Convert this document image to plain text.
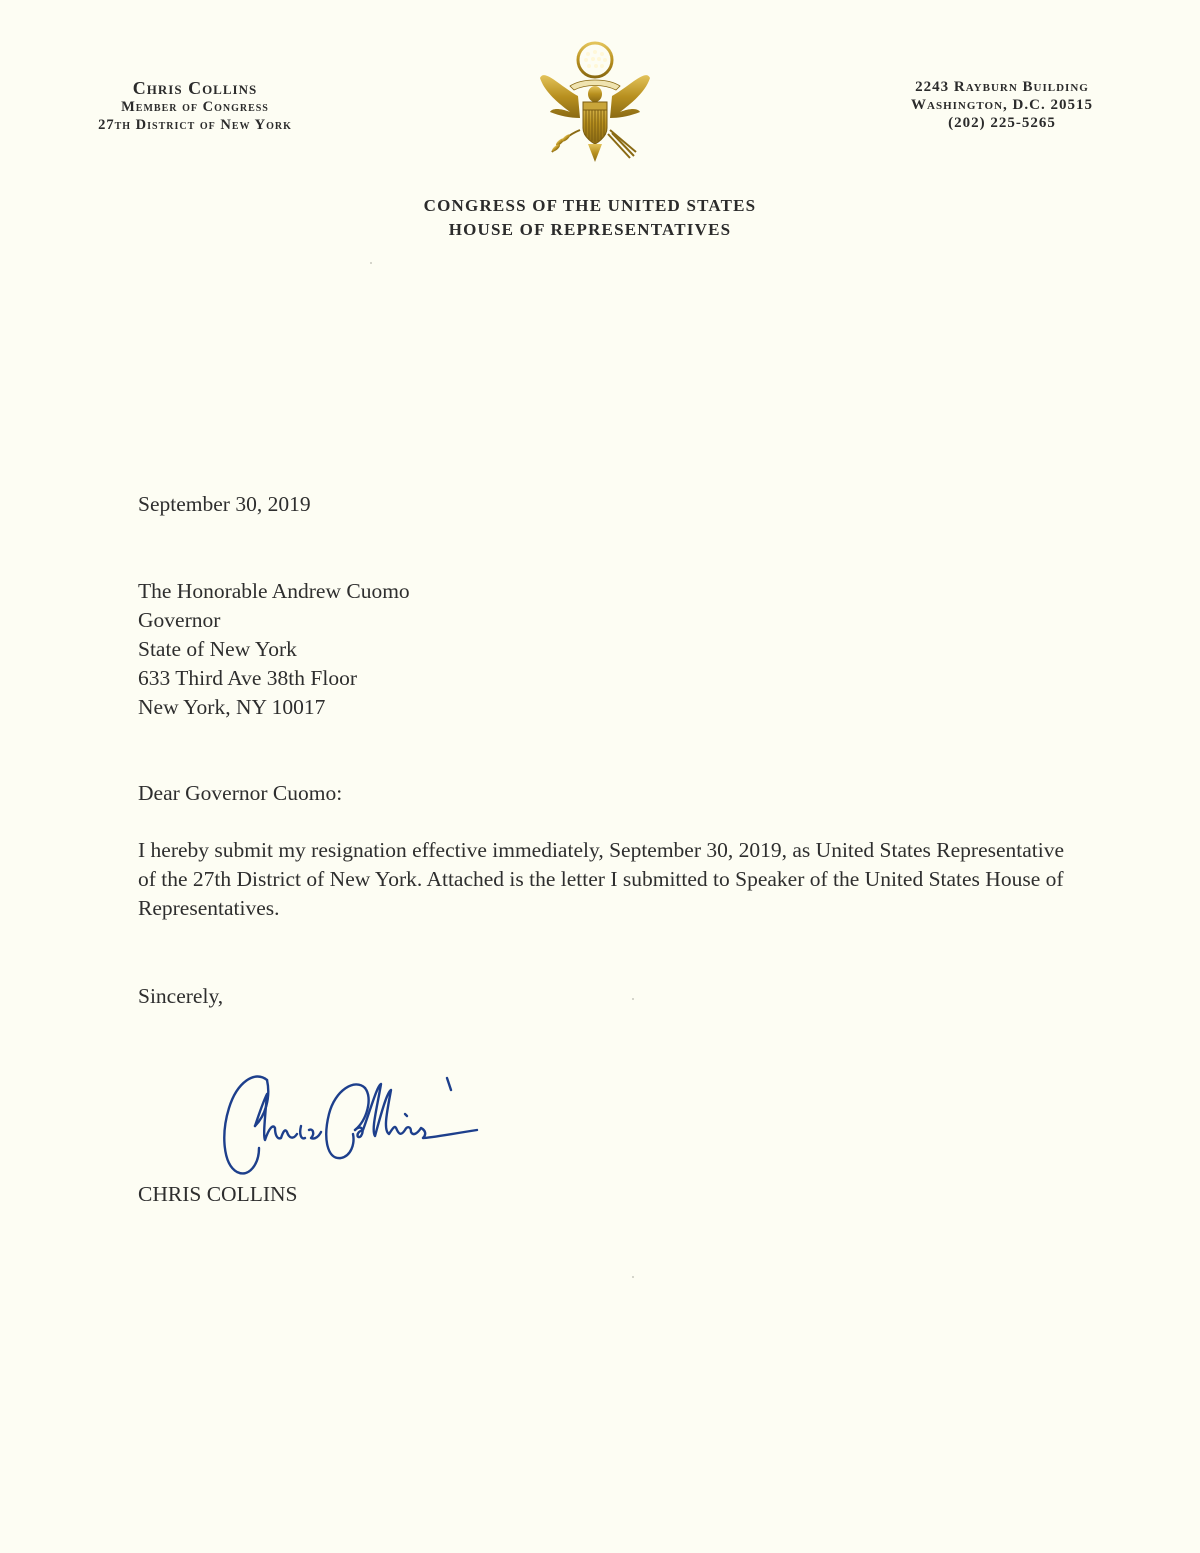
Chris Collins
Member of Congress
27th District of New York
2243 Rayburn Building
Washington, D.C. 20515
(202) 225-5265
CONGRESS OF THE UNITED STATES
HOUSE OF REPRESENTATIVES
September 30, 2019
The Honorable Andrew Cuomo
Governor
State of New York
633 Third Ave 38th Floor
New York, NY 10017
Dear Governor Cuomo:
I hereby submit my resignation effective immediately, September 30, 2019, as United States Representative of the 27th District of New York. Attached is the letter I submitted to Speaker of the United States House of Representatives.
Sincerely,
CHRIS COLLINS
